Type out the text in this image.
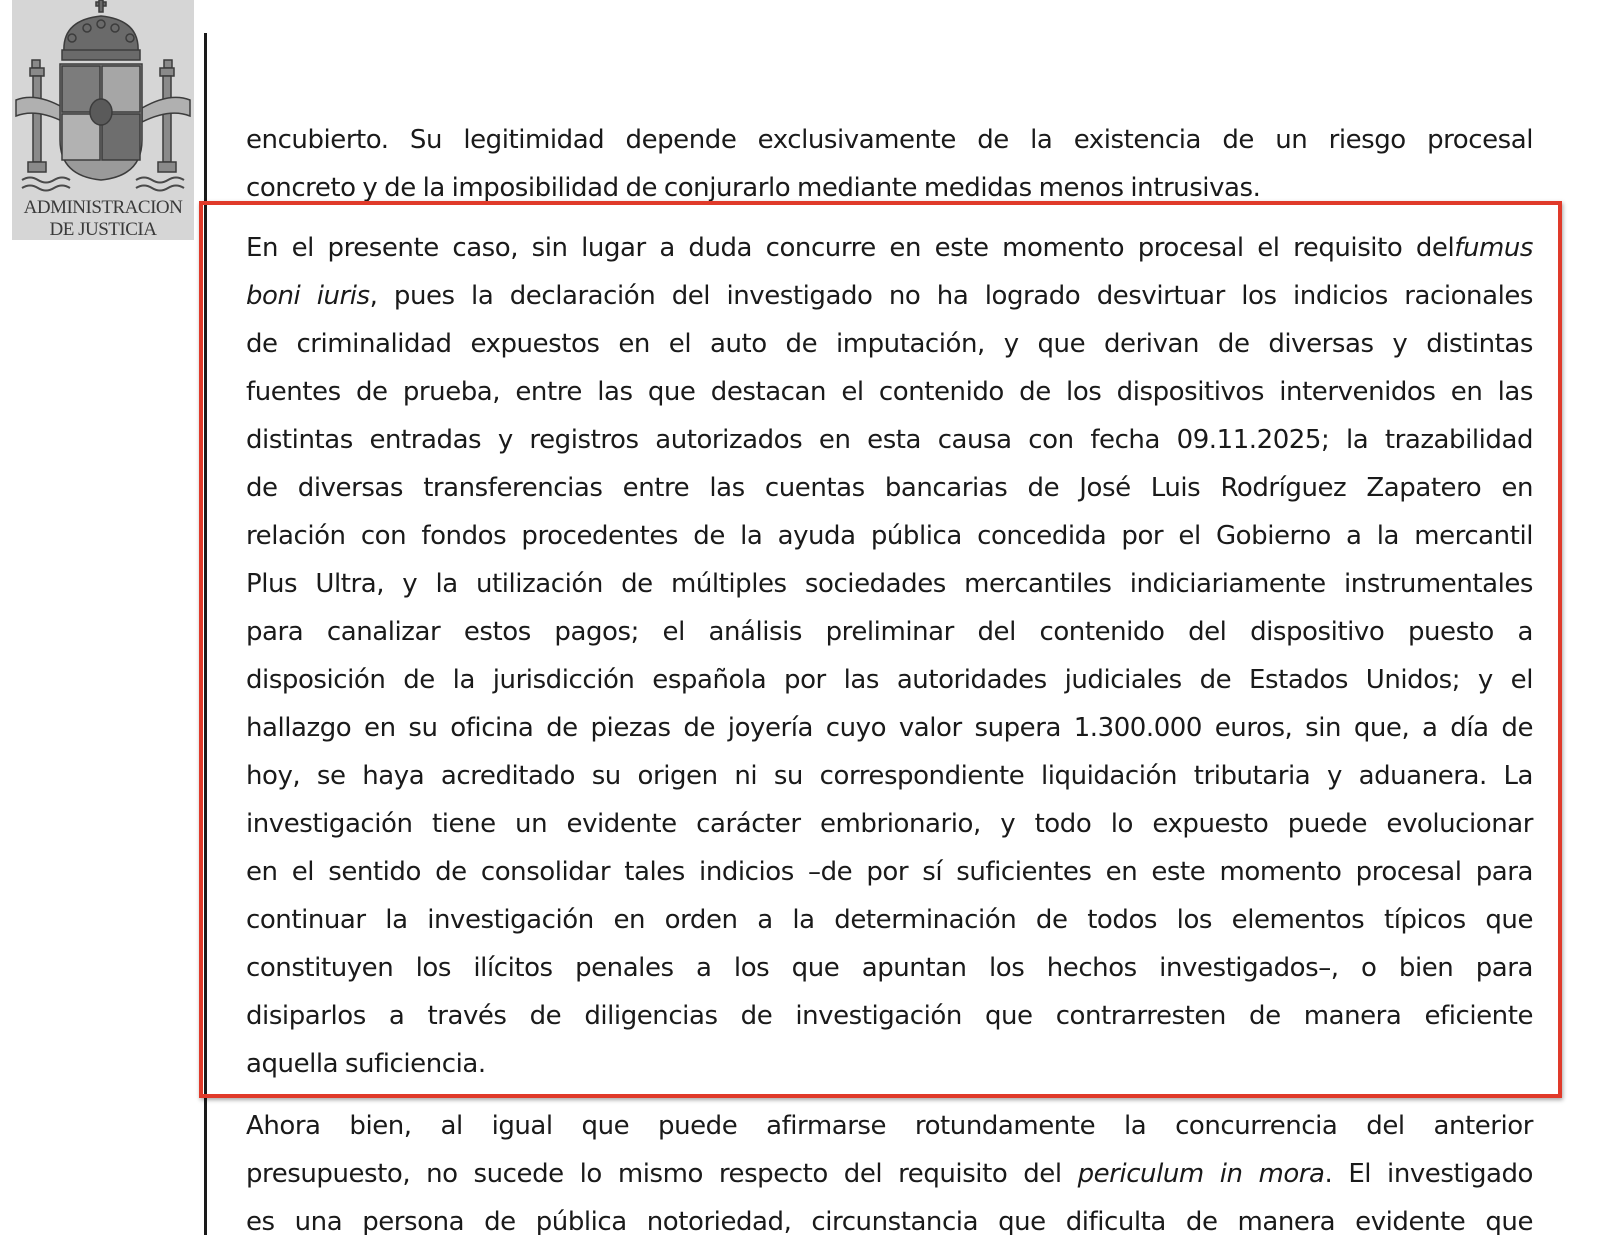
ADMINISTRACION
DE JUSTICIA
encubierto. Su legitimidad depende exclusivamente de la existencia de un riesgo procesal
concreto y de la imposibilidad de conjurarlo mediante medidas menos intrusivas.
En el presente caso, sin lugar a duda concurre en este momento procesal el requisito delfumus
boni iuris, pues la declaración del investigado no ha logrado desvirtuar los indicios racionales
de criminalidad expuestos en el auto de imputación, y que derivan de diversas y distintas
fuentes de prueba, entre las que destacan el contenido de los dispositivos intervenidos en las
distintas entradas y registros autorizados en esta causa con fecha 09.11.2025; la trazabilidad
de diversas transferencias entre las cuentas bancarias de José Luis Rodríguez Zapatero en
relación con fondos procedentes de la ayuda pública concedida por el Gobierno a la mercantil
Plus Ultra, y la utilización de múltiples sociedades mercantiles indiciariamente instrumentales
para canalizar estos pagos; el análisis preliminar del contenido del dispositivo puesto a
disposición de la jurisdicción española por las autoridades judiciales de Estados Unidos; y el
hallazgo en su oficina de piezas de joyería cuyo valor supera 1.300.000 euros, sin que, a día de
hoy, se haya acreditado su origen ni su correspondiente liquidación tributaria y aduanera. La
investigación tiene un evidente carácter embrionario, y todo lo expuesto puede evolucionar
en el sentido de consolidar tales indicios –de por sí suficientes en este momento procesal para
continuar la investigación en orden a la determinación de todos los elementos típicos que
constituyen los ilícitos penales a los que apuntan los hechos investigados–, o bien para
disiparlos a través de diligencias de investigación que contrarresten de manera eficiente
aquella suficiencia.
Ahora bien, al igual que puede afirmarse rotundamente la concurrencia del anterior
presupuesto, no sucede lo mismo respecto del requisito del periculum in mora. El investigado
es una persona de pública notoriedad, circunstancia que dificulta de manera evidente que
